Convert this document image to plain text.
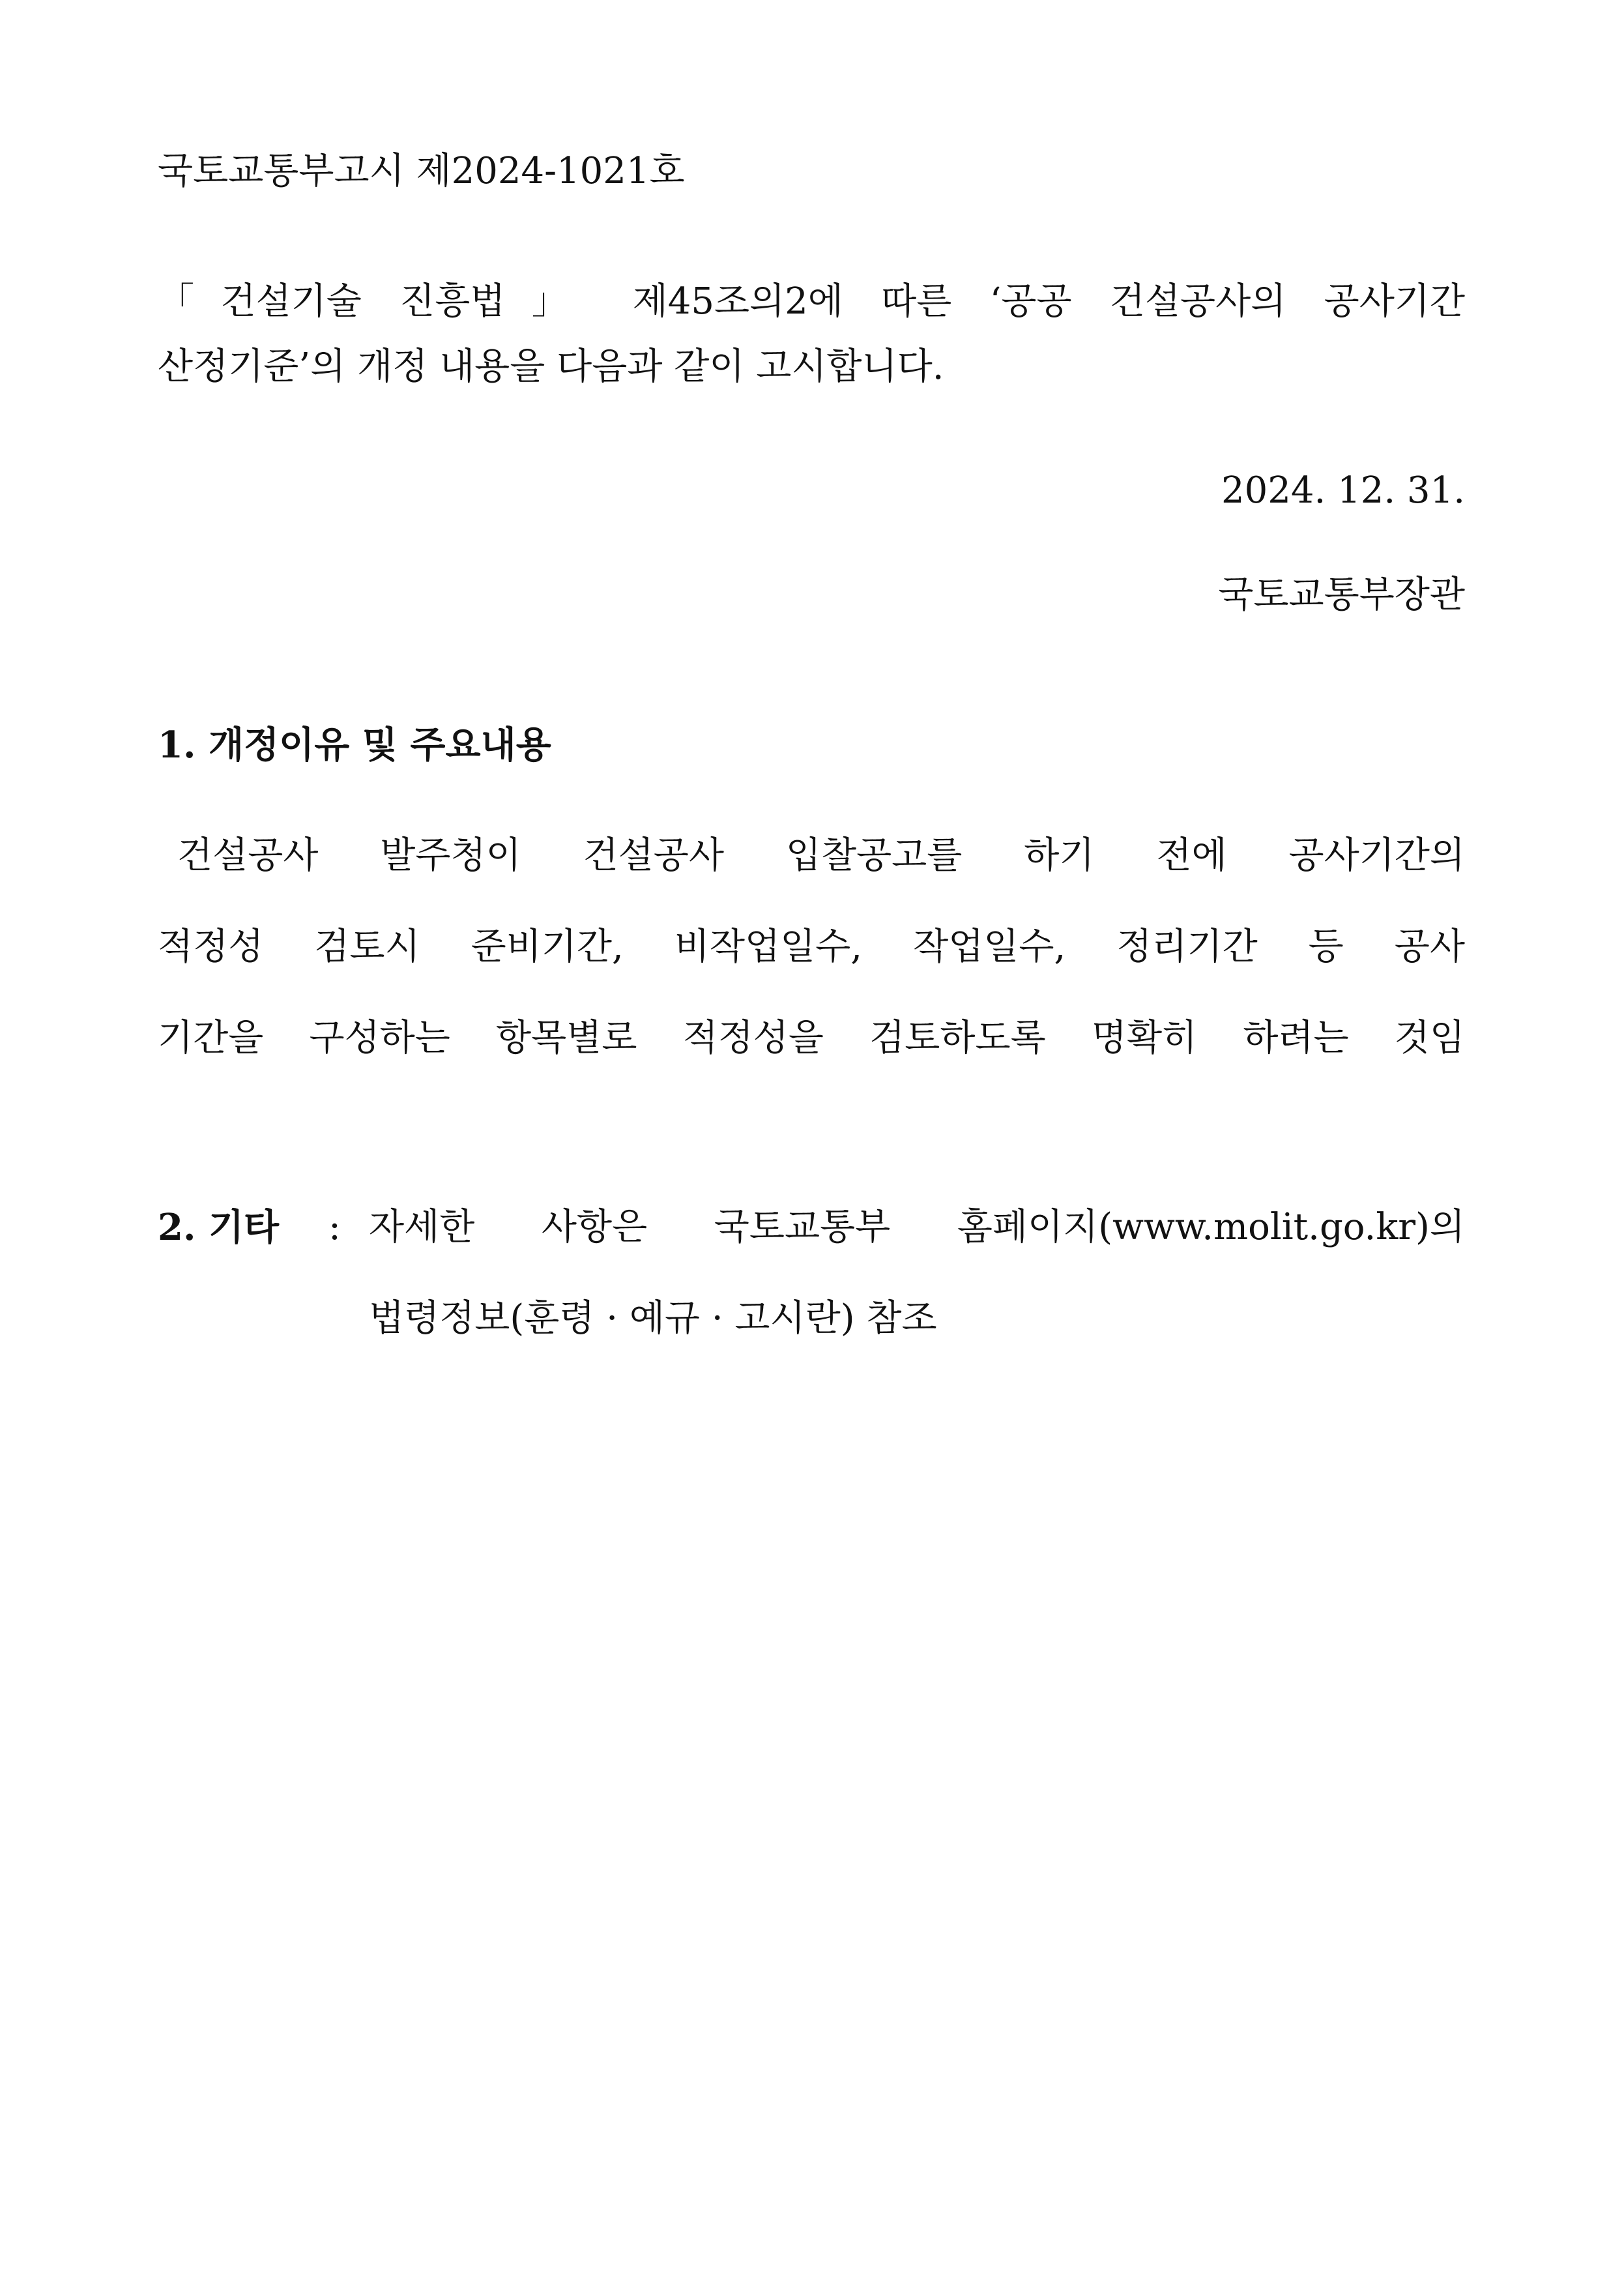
국토교통부고시 제2024-1021호
「건설기술 진흥법」 제45조의2에 따른 ‘공공 건설공사의 공사기간
산정기준’의 개정 내용을 다음과 같이 고시합니다.
2024. 12. 31.
국토교통부장관
1. 개정이유 및 주요내용
건설공사 발주청이 건설공사 입찰공고를 하기 전에 공사기간의
적정성 검토시 준비기간, 비작업일수, 작업일수, 정리기간 등 공사
기간을 구성하는 항목별로 적정성을 검토하도록 명확히 하려는 것임
2. 기타 : 자세한 사항은 국토교통부 홈페이지(www.molit.go.kr)의
법령정보(훈령 · 예규 · 고시란) 참조
